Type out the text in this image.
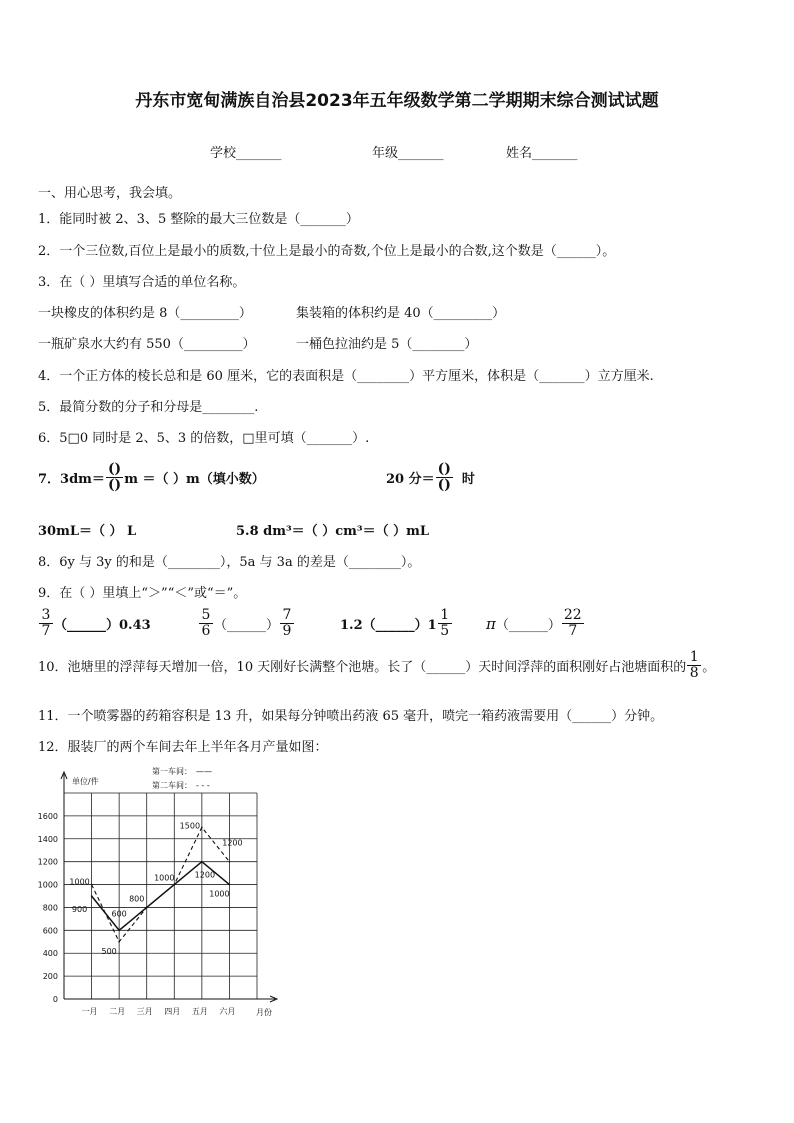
丹东市宽甸满族自治县2023年五年级数学第二学期期末综合测试试题
学校_______	年级_______	姓名_______
一、用心思考，我会填。
1．能同时被 2、3、5 整除的最大三位数是（_______）
2．一个三位数,百位上是最小的质数,十位上是最小的奇数,个位上是最小的合数,这个数是（______）。
3．在（ ）里填写合适的单位名称。
一块橡皮的体积约是 8（_________）	集装箱的体积约是 40（_________）
一瓶矿泉水大约有 550（_________）	一桶色拉油约是 5（________）
4．一个正方体的棱长总和是 60 厘米，它的表面积是（________）平方厘米，体积是（_______）立方厘米.
5．最简分数的分子和分母是________.
6．5□0 同时是 2、5、3 的倍数，□里可填（_______）.
7．$3dm= \frac{()}{()}$ m ＝（ ）m（填小数）	20 分＝ $\frac{()}{()}$ 时
30mL＝（ ） L	5.8 dm³＝（ ）cm³＝（ ）mL
8．6y 与 3y 的和是（________），5a 与 3a 的差是（________）。
9．在（ ）里填上“＞”“＜”或“＝”。
$\frac{3}{7}$ （______）0.43	$\frac{5}{6}$ （______） $\frac{7}{9}$	1.2（______）1 $\frac{1}{5}$ π （______） $\frac{22}{7}$
10．池塘里的浮萍每天增加一倍，10 天刚好长满整个池塘。长了（______）天时间浮萍的面积刚好占池塘面积的 $\frac{1}{8}$ 。
11．一个喷雾器的药箱容积是 13 升，如果每分钟喷出药液 65 毫升，喷完一箱药液需要用（______）分钟。
12．服装厂的两个车间去年上半年各月产量如图：
0
200
400
600
800
1000
1200
1400
1600
一月 二月 三月 四月 五月 六月
1000
900	600
500
800
1000
1500
1200
1000
1200
第一车间： ——
第二车间： - - -
单位/件
月份
